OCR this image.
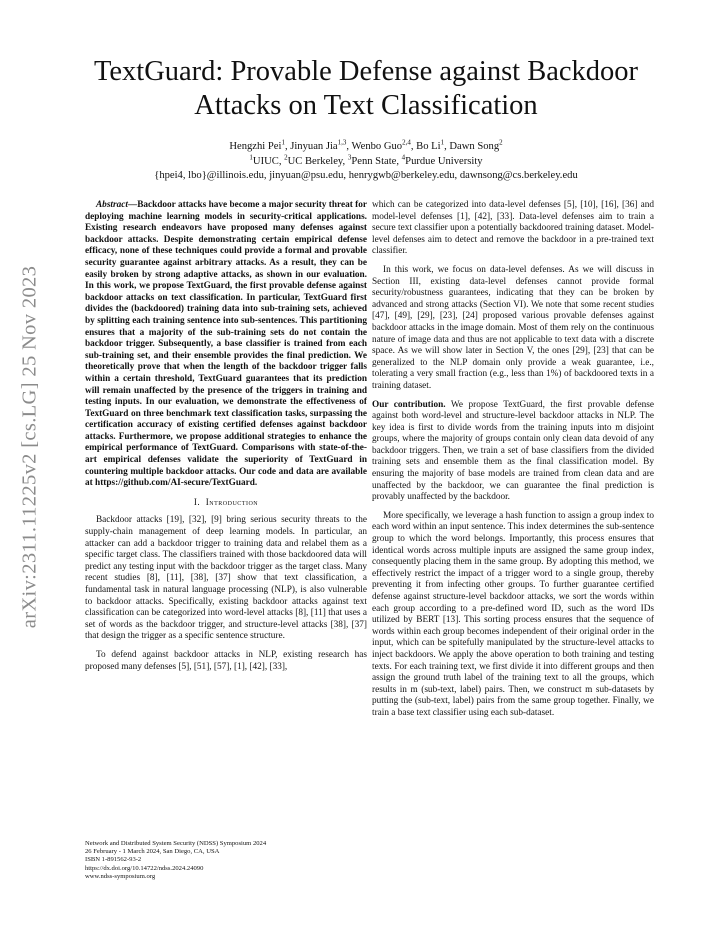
arXiv:2311.11225v2 [cs.LG] 25 Nov 2023
TextGuard: Provable Defense against Backdoor Attacks on Text Classification
Hengzhi Pei$^1$, Jinyuan Jia$^{1,3}$, Wenbo Guo$^{2,4}$, Bo Li$^1$, Dawn Song$^2$
$^1$UIUC, $^2$UC Berkeley, $^3$Penn State, $^4$Purdue University
{hpei4, lbo}@illinois.edu, jinyuan@psu.edu, henrygwb@berkeley.edu, dawnsong@cs.berkeley.edu

Abstract—Backdoor attacks have become a major security threat for deploying machine learning models in security-critical applications. Existing research endeavors have proposed many defenses against backdoor attacks. Despite demonstrating certain empirical defense efficacy, none of these techniques could provide a formal and provable security guarantee against arbitrary attacks. As a result, they can be easily broken by strong adaptive attacks, as shown in our evaluation. In this work, we propose TextGuard, the first provable defense against backdoor attacks on text classification. In particular, TextGuard first divides the (backdoored) training data into sub-training sets, achieved by splitting each training sentence into sub-sentences. This partitioning ensures that a majority of the sub-training sets do not contain the backdoor trigger. Subsequently, a base classifier is trained from each sub-training set, and their ensemble provides the final prediction. We theoretically prove that when the length of the backdoor trigger falls within a certain threshold, TextGuard guarantees that its prediction will remain unaffected by the presence of the triggers in training and testing inputs. In our evaluation, we demonstrate the effectiveness of TextGuard on three benchmark text classification tasks, surpassing the certification accuracy of existing certified defenses against backdoor attacks. Furthermore, we propose additional strategies to enhance the empirical performance of TextGuard. Comparisons with state-of-the-art empirical defenses validate the superiority of TextGuard in countering multiple backdoor attacks. Our code and data are available at https://github.com/AI-secure/TextGuard.

I. Introduction

Backdoor attacks [19], [32], [9] bring serious security threats to the supply-chain management of deep learning models. In particular, an attacker can add a backdoor trigger to training data and relabel them as a specific target class. The classifiers trained with those backdoored data will predict any testing input with the backdoor trigger as the target class. Many recent studies [8], [11], [38], [37] show that text classification, a fundamental task in natural language processing (NLP), is also vulnerable to backdoor attacks. Specifically, existing backdoor attacks against text classification can be categorized into word-level attacks [8], [11] that uses a set of words as the backdoor trigger, and structure-level attacks [38], [37] that design the trigger as a specific sentence structure.

To defend against backdoor attacks in NLP, existing research has proposed many defenses [5], [51], [57], [1], [42], [33],

which can be categorized into data-level defenses [5], [10], [16], [36] and model-level defenses [1], [42], [33]. Data-level defenses aim to train a secure text classifier upon a potentially backdoored training dataset. Model-level defenses aim to detect and remove the backdoor in a pre-trained text classifier.

In this work, we focus on data-level defenses. As we will discuss in Section III, existing data-level defenses cannot provide formal security/robustness guarantees, indicating that they can be broken by advanced and strong attacks (Section VI). We note that some recent studies [47], [49], [29], [23], [24] proposed various provable defenses against backdoor attacks in the image domain. Most of them rely on the continuous nature of image data and thus are not applicable to text data with a discrete space. As we will show later in Section V, the ones [29], [23] that can be generalized to the NLP domain only provide a weak guarantee, i.e., tolerating a very small fraction (e.g., less than 1%) of backdoored texts in a training dataset.

Our contribution. We propose TextGuard, the first provable defense against both word-level and structure-level backdoor attacks in NLP. The key idea is first to divide words from the training inputs into m disjoint groups, where the majority of groups contain only clean data devoid of any backdoor triggers. Then, we train a set of base classifiers from the divided training sets and ensemble them as the final classification model. By ensuring the majority of base models are trained from clean data and are unaffected by the backdoor, we can guarantee the final prediction is provably unaffected by the backdoor.

More specifically, we leverage a hash function to assign a group index to each word within an input sentence. This index determines the sub-sentence group to which the word belongs. Importantly, this process ensures that identical words across multiple inputs are assigned the same group index, consequently placing them in the same group. By adopting this method, we effectively restrict the impact of a trigger word to a single group, thereby preventing it from infecting other groups. To further guarantee certified defense against structure-level backdoor attacks, we sort the words within each group according to a pre-defined word ID, such as the word IDs utilized by BERT [13]. This sorting process ensures that the sequence of words within each group becomes independent of their original order in the input, which can be spitefully manipulated by the structure-level attacks to inject backdoors. We apply the above operation to both training and testing texts. For each training text, we first divide it into different groups and then assign the ground truth label of the training text to all the groups, which results in m (sub-text, label) pairs. Then, we construct m sub-datasets by putting the (sub-text, label) pairs from the same group together. Finally, we train a base text classifier using each sub-dataset.

Network and Distributed System Security (NDSS) Symposium 2024
26 February - 1 March 2024, San Diego, CA, USA
ISBN 1-891562-93-2
https://dx.doi.org/10.14722/ndss.2024.24090
www.ndss-symposium.org
